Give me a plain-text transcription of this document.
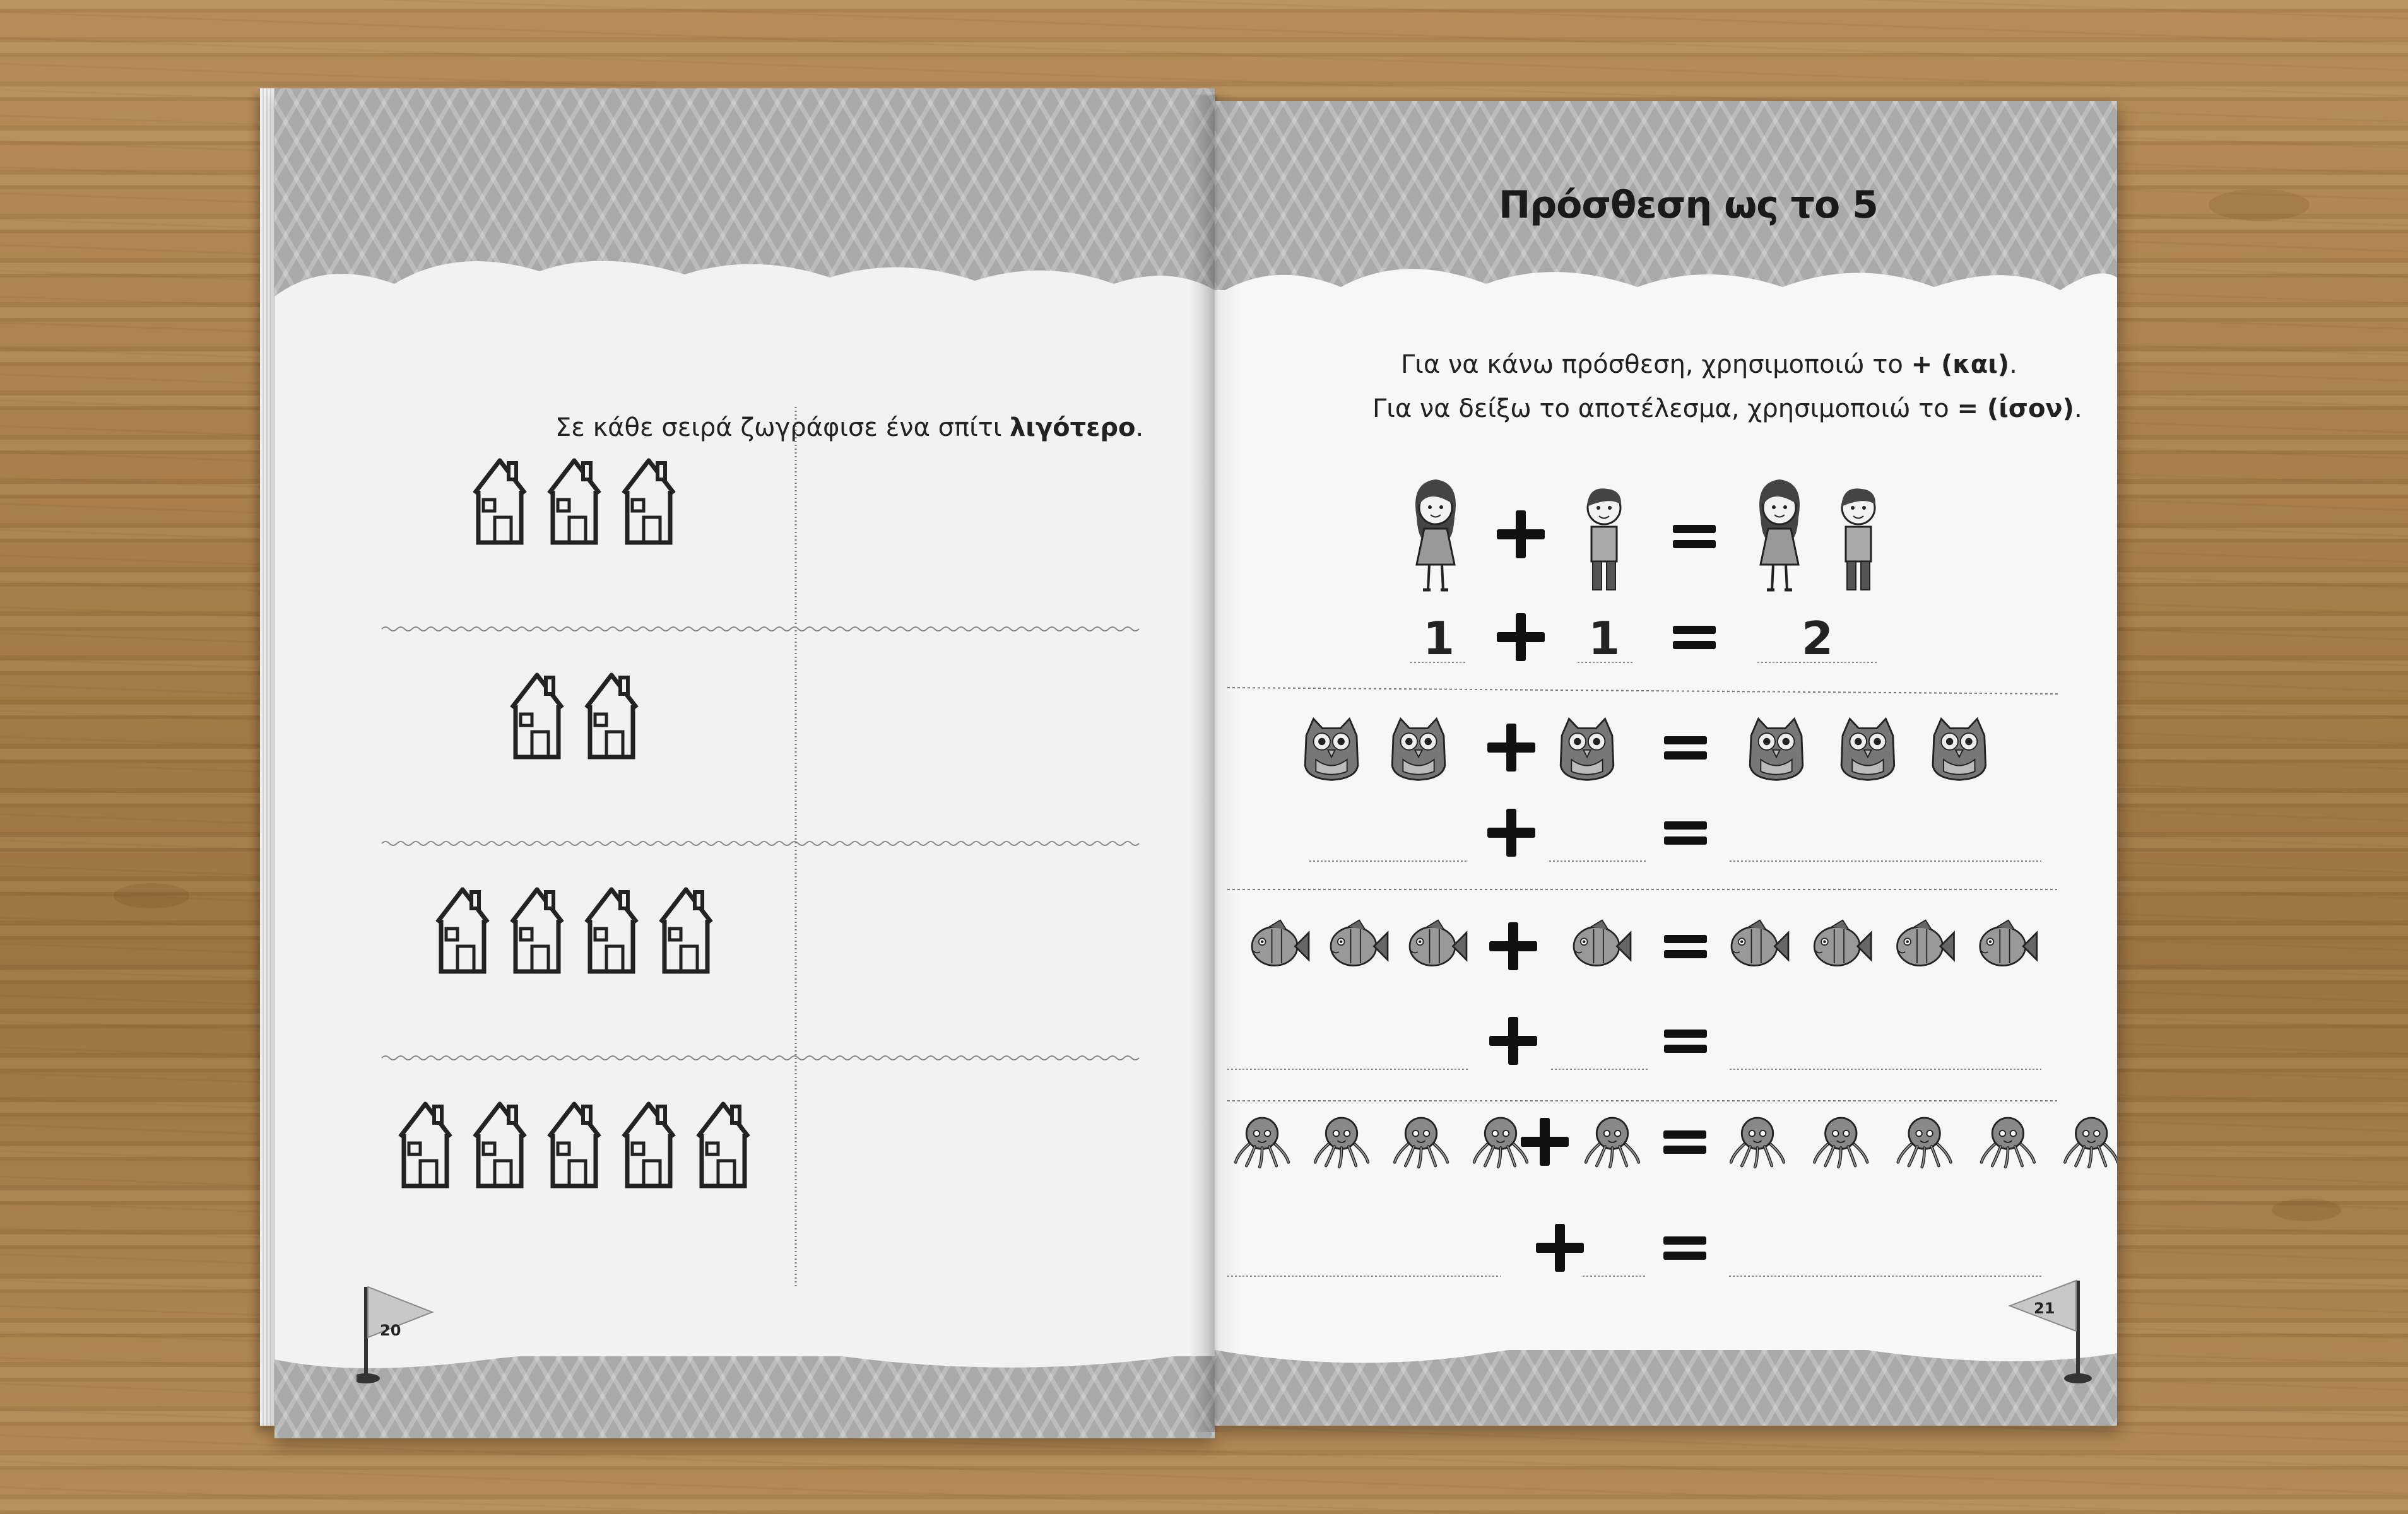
Σε κάθε σειρά ζωγράφισε ένα σπίτι λιγότερο.
20
Πρόσθεση ως το 5
Για να κάνω πρόσθεση, χρησιμοποιώ το + (και).
Για να δείξω το αποτέλεσμα, χρησιμοποιώ το = (ίσον).
1	1	2
21
